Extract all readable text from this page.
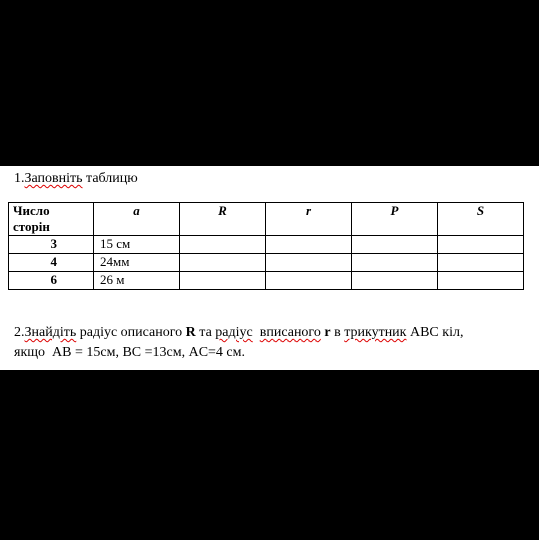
1.Заповніть таблицю
Число сторін	a	R	r	P	S
3	15 см				
4	24мм				
6	26 м				
2.Знайдіть радіус описаного R та радіус вписаного r в трикутник ABC кіл,
якщо  AB = 15см, BC =13см, AC=4 см.
